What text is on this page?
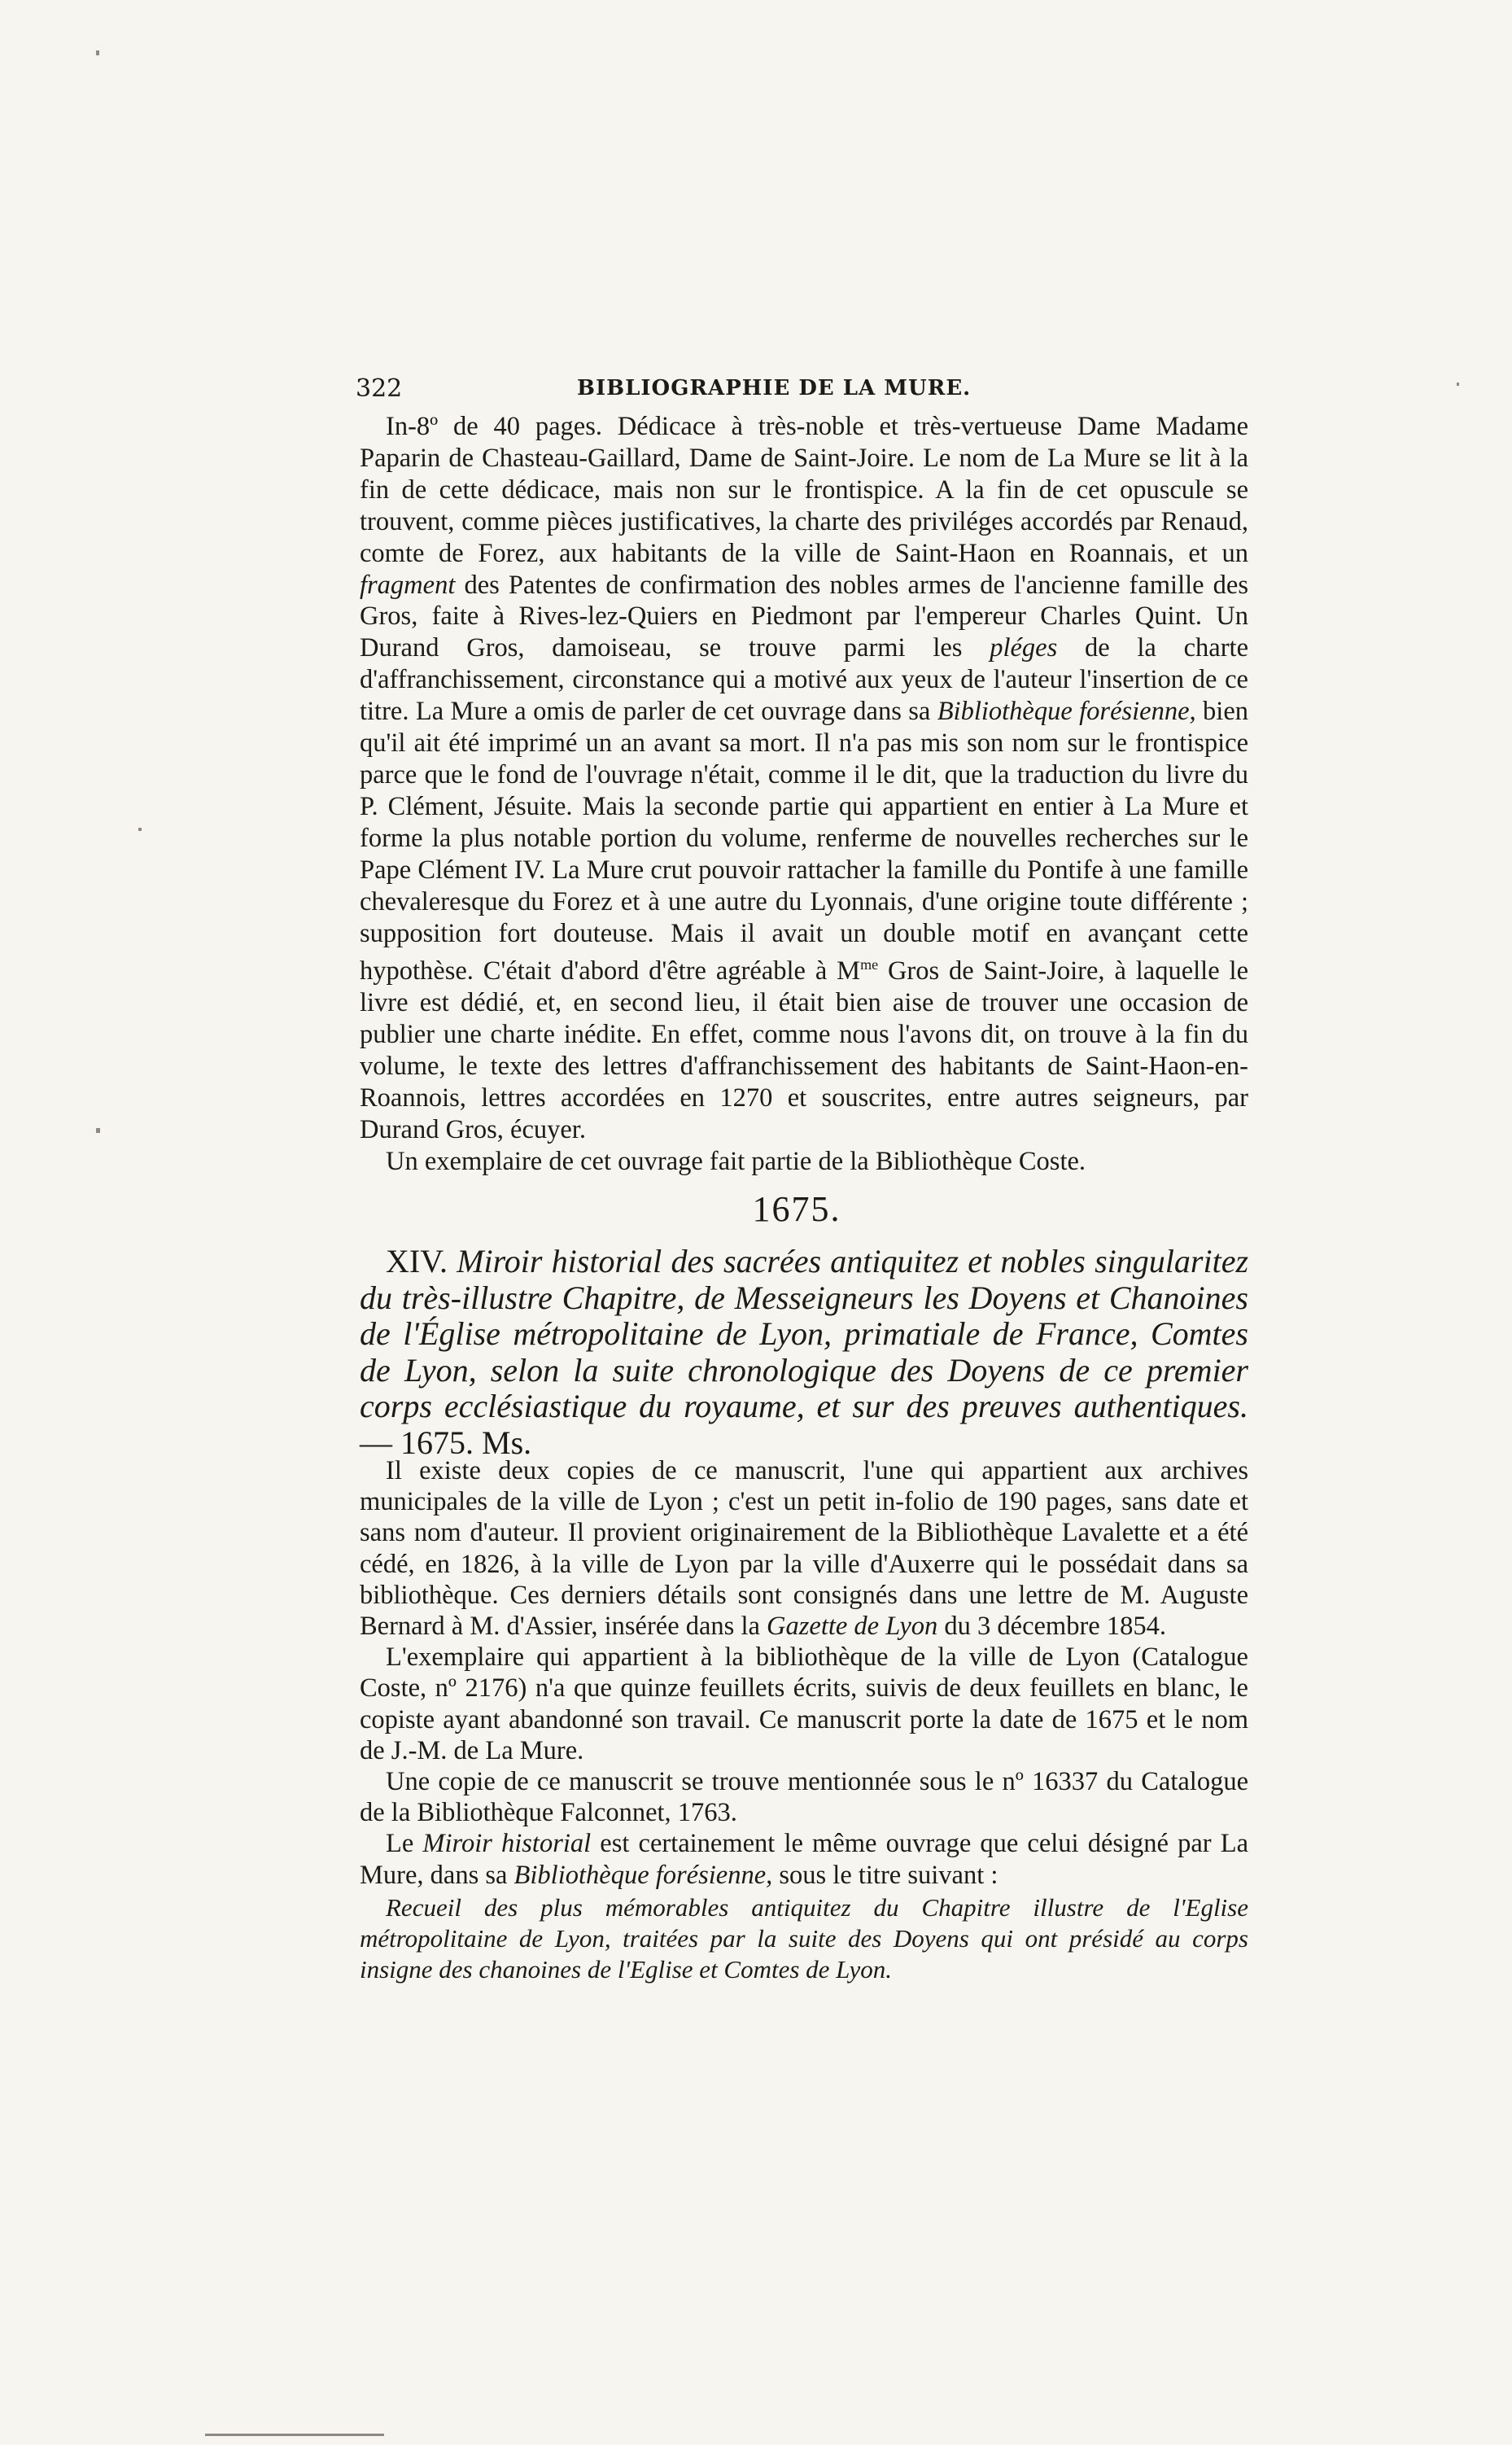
322	BIBLIOGRAPHIE DE LA MURE.

In-8º de 40 pages. Dédicace à très-noble et très-vertueuse Dame Madame Paparin de Chasteau-Gaillard, Dame de Saint-Joire. Le nom de La Mure se lit à la fin de cette dédicace, mais non sur le frontispice. A la fin de cet opuscule se trouvent, comme pièces justificatives, la charte des priviléges accordés par Renaud, comte de Forez, aux habitants de la ville de Saint-Haon en Roannais, et un fragment des Patentes de confirmation des nobles armes de l'ancienne famille des Gros, faite à Rives-lez-Quiers en Piedmont par l'empereur Charles Quint. Un Durand Gros, damoiseau, se trouve parmi les pléges de la charte d'affranchissement, circonstance qui a motivé aux yeux de l'auteur l'insertion de ce titre. La Mure a omis de parler de cet ouvrage dans sa Bibliothèque forésienne, bien qu'il ait été imprimé un an avant sa mort. Il n'a pas mis son nom sur le frontispice parce que le fond de l'ouvrage n'était, comme il le dit, que la traduction du livre du P. Clément, Jésuite. Mais la seconde partie qui appartient en entier à La Mure et forme la plus notable portion du volume, renferme de nouvelles recherches sur le Pape Clément IV. La Mure crut pouvoir rattacher la famille du Pontife à une famille chevaleresque du Forez et à une autre du Lyonnais, d'une origine toute différente ; supposition fort douteuse. Mais il avait un double motif en avançant cette hypothèse. C'était d'abord d'être agréable à $M^{me}$ Gros de Saint-Joire, à laquelle le livre est dédié, et, en second lieu, il était bien aise de trouver une occasion de publier une charte inédite. En effet, comme nous l'avons dit, on trouve à la fin du volume, le texte des lettres d'affranchissement des habitants de Saint-Haon-en-Roannois, lettres accordées en 1270 et souscrites, entre autres seigneurs, par Durand Gros, écuyer.

Un exemplaire de cet ouvrage fait partie de la Bibliothèque Coste.

1675.
XIV. Miroir historial des sacrées antiquitez et nobles singularitez du très-illustre Chapitre, de Messeigneurs les Doyens et Chanoines de l'Église métropolitaine de Lyon, primatiale de France, Comtes de Lyon, selon la suite chronologique des Doyens de ce premier corps ecclésiastique du royaume, et sur des preuves authentiques. — 1675. Ms.

Il existe deux copies de ce manuscrit, l'une qui appartient aux archives municipales de la ville de Lyon ; c'est un petit in-folio de 190 pages, sans date et sans nom d'auteur. Il provient originairement de la Bibliothèque Lavalette et a été cédé, en 1826, à la ville de Lyon par la ville d'Auxerre qui le possédait dans sa bibliothèque. Ces derniers détails sont consignés dans une lettre de M. Auguste Bernard à M. d'Assier, insérée dans la Gazette de Lyon du 3 décembre 1854.

L'exemplaire qui appartient à la bibliothèque de la ville de Lyon (Catalogue Coste, nº 2176) n'a que quinze feuillets écrits, suivis de deux feuillets en blanc, le copiste ayant abandonné son travail. Ce manuscrit porte la date de 1675 et le nom de J.-M. de La Mure.

Une copie de ce manuscrit se trouve mentionnée sous le nº 16337 du Catalogue de la Bibliothèque Falconnet, 1763.

Le Miroir historial est certainement le même ouvrage que celui désigné par La Mure, dans sa Bibliothèque forésienne, sous le titre suivant :

Recueil des plus mémorables antiquitez du Chapitre illustre de l'Eglise métropolitaine de Lyon, traitées par la suite des Doyens qui ont présidé au corps insigne des chanoines de l'Eglise et Comtes de Lyon.
